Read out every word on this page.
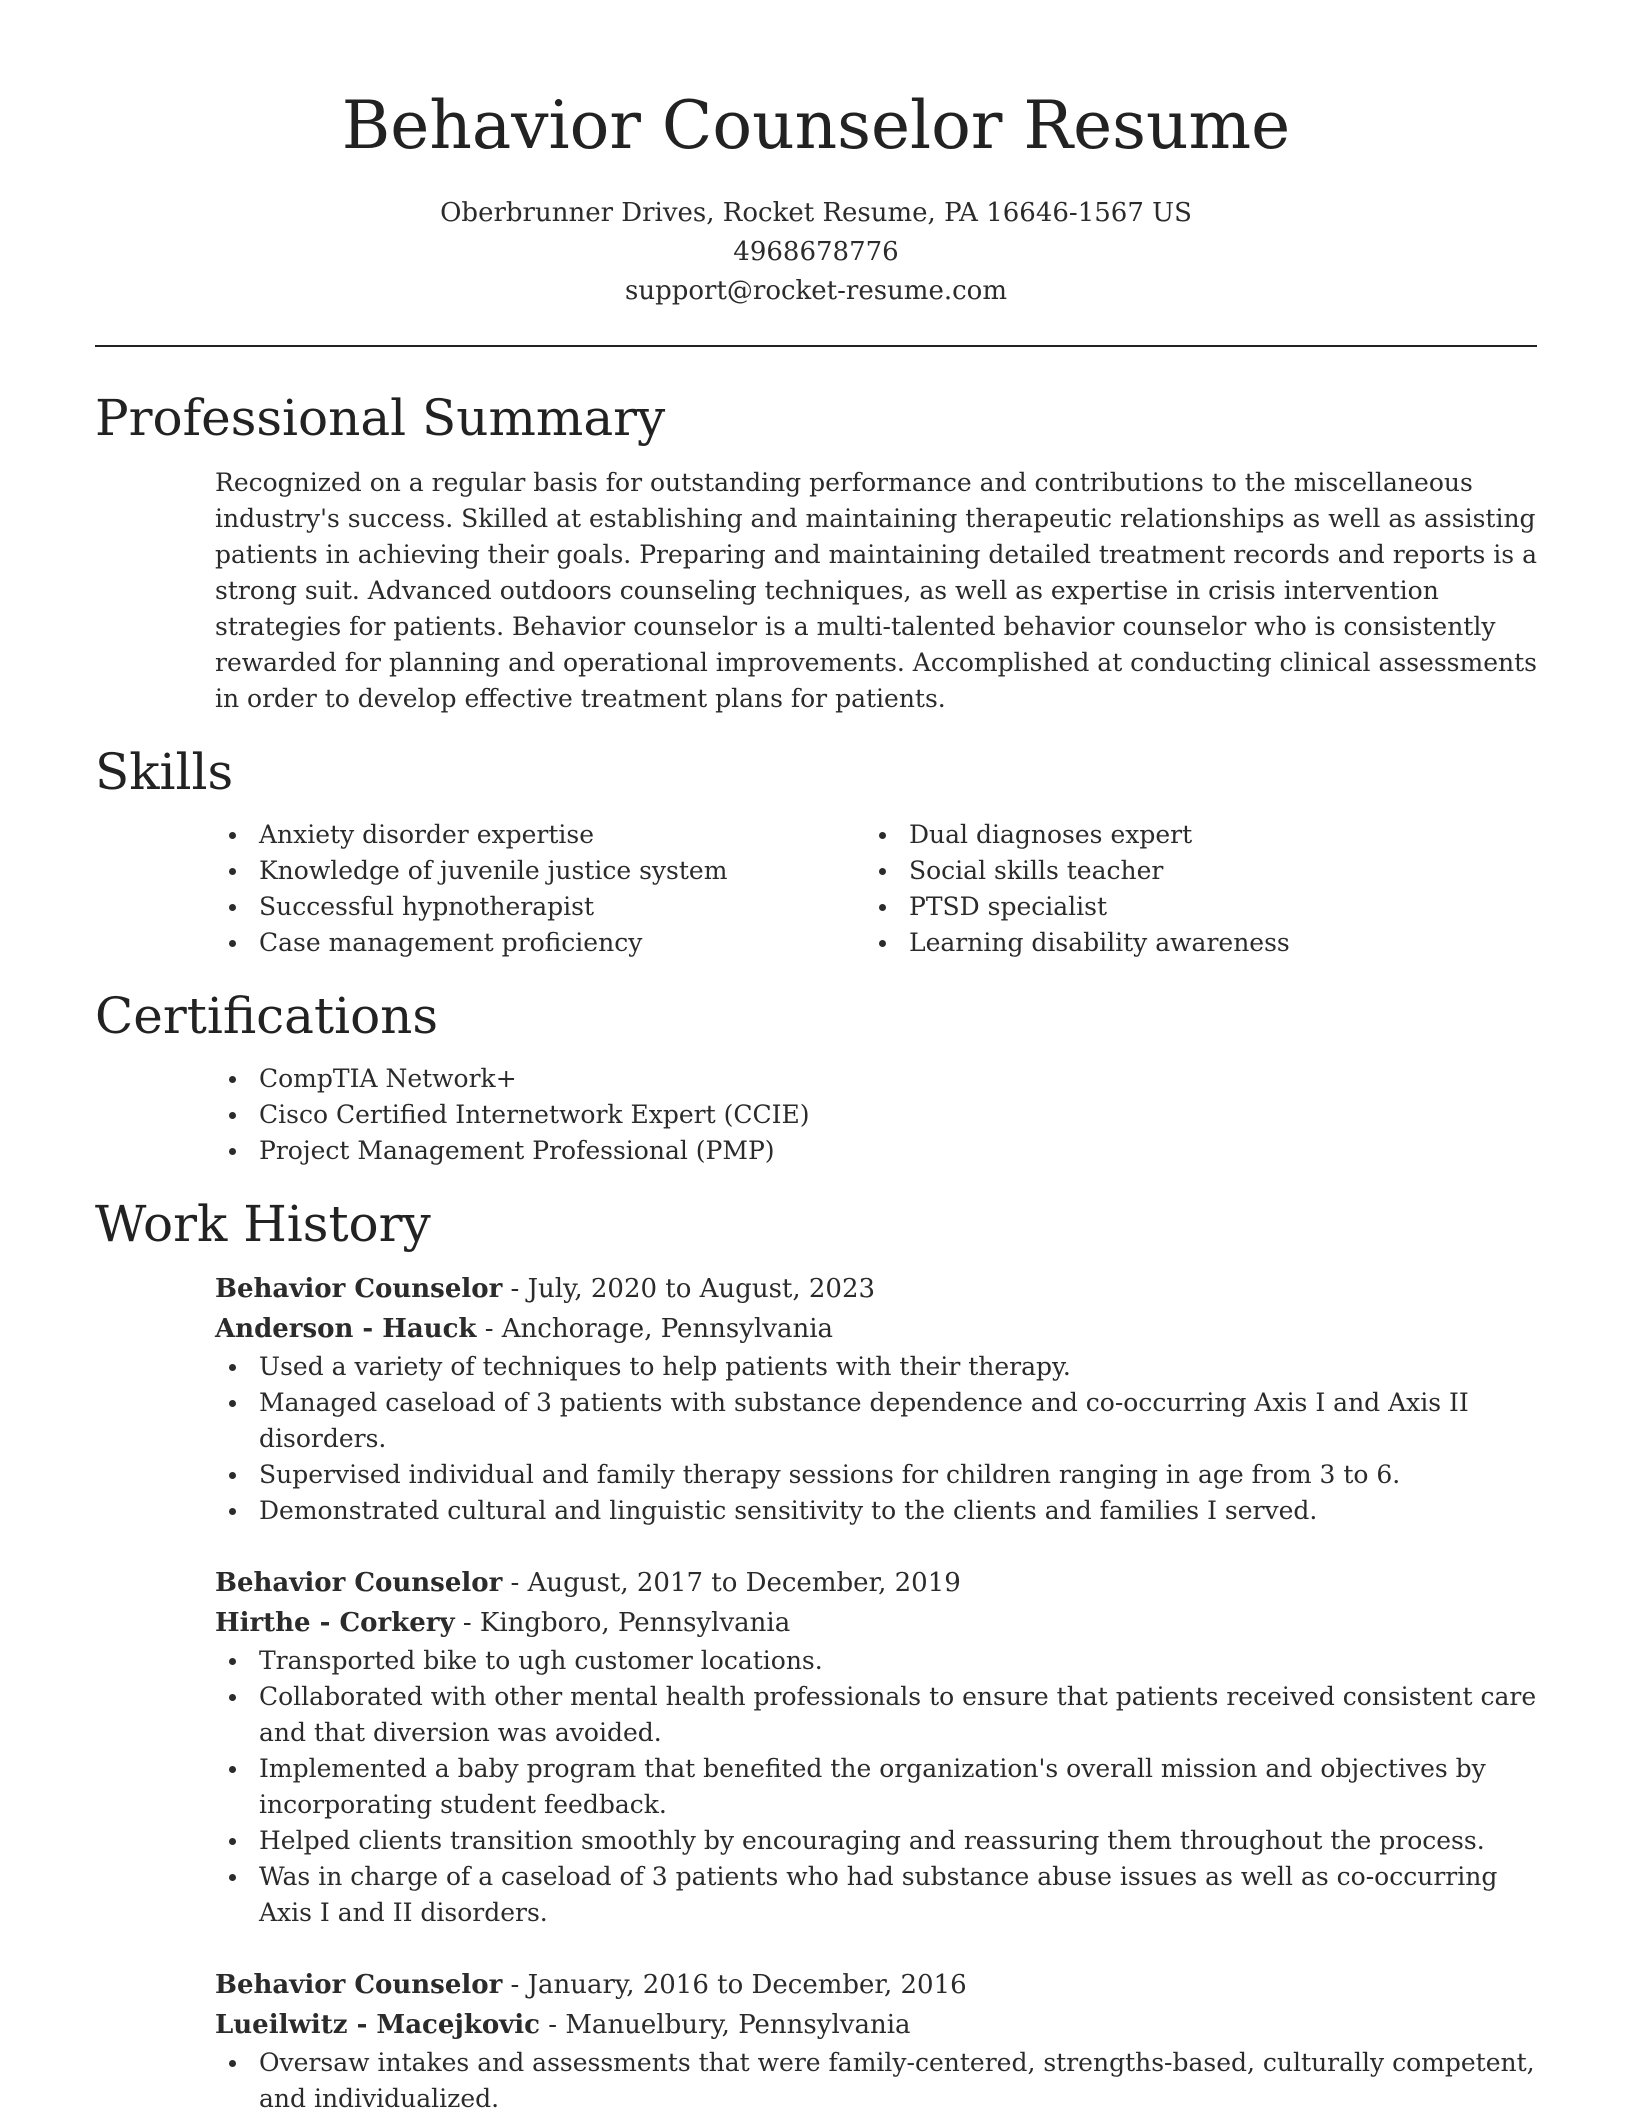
Behavior Counselor Resume
Oberbrunner Drives, Rocket Resume, PA 16646-1567 US
4968678776
support@rocket-resume.com
Professional Summary

Recognized on a regular basis for outstanding performance and contributions to the miscellaneous industry's success. Skilled at establishing and maintaining therapeutic relationships as well as assisting patients in achieving their goals. Preparing and maintaining detailed treatment records and reports is a strong suit. Advanced outdoors counseling techniques, as well as expertise in crisis intervention strategies for patients. Behavior counselor is a multi-talented behavior counselor who is consistently rewarded for planning and operational improvements. Accomplished at conducting clinical assessments in order to develop effective treatment plans for patients.

Skills
Anxiety disorder expertise
Knowledge of juvenile justice system
Successful hypnotherapist
Case management proficiency
Dual diagnoses expert
Social skills teacher
PTSD specialist
Learning disability awareness
Certifications
CompTIA Network+
Cisco Certified Internetwork Expert (CCIE)
Project Management Professional (PMP)
Work History
Behavior Counselor - July, 2020 to August, 2023
Anderson - Hauck - Anchorage, Pennsylvania
Used a variety of techniques to help patients with their therapy.
Managed caseload of 3 patients with substance dependence and co-occurring Axis I and Axis II disorders.
Supervised individual and family therapy sessions for children ranging in age from 3 to 6.
Demonstrated cultural and linguistic sensitivity to the clients and families I served.
Behavior Counselor - August, 2017 to December, 2019
Hirthe - Corkery - Kingboro, Pennsylvania
Transported bike to ugh customer locations.
Collaborated with other mental health professionals to ensure that patients received consistent care and that diversion was avoided.
Implemented a baby program that benefited the organization's overall mission and objectives by incorporating student feedback.
Helped clients transition smoothly by encouraging and reassuring them throughout the process.
Was in charge of a caseload of 3 patients who had substance abuse issues as well as co-occurring Axis I and II disorders.
Behavior Counselor - January, 2016 to December, 2016
Lueilwitz - Macejkovic - Manuelbury, Pennsylvania
Oversaw intakes and assessments that were family-centered, strengths-based, culturally competent, and individualized.
